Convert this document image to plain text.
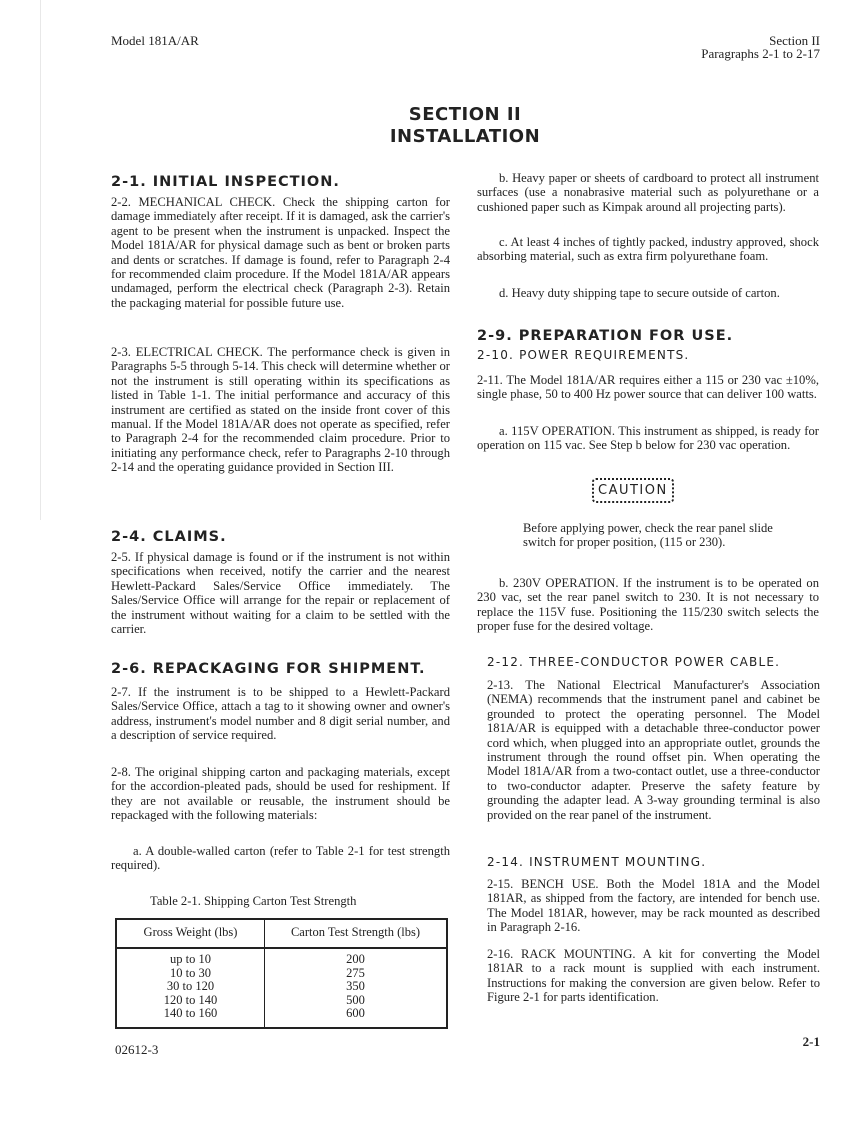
Model 181A/AR	Section II
Paragraphs 2-1 to 2-17
SECTION II
INSTALLATION
2-1. INITIAL INSPECTION.
2-2. MECHANICAL CHECK. Check the shipping carton for damage immediately after receipt. If it is damaged, ask the carrier's agent to be present when the instrument is unpacked. Inspect the Model 181A/AR for physical damage such as bent or broken parts and dents or scratches. If damage is found, refer to Paragraph 2-4 for recommended claim procedure. If the Model 181A/AR appears undamaged, perform the electrical check (Paragraph 2-3). Retain the packaging material for possible future use.
2-3. ELECTRICAL CHECK. The performance check is given in Paragraphs 5-5 through 5-14. This check will determine whether or not the instrument is still operating within its specifications as listed in Table 1-1. The initial performance and accuracy of this instrument are certified as stated on the inside front cover of this manual. If the Model 181A/AR does not operate as specified, refer to Paragraph 2-4 for the recommended claim procedure. Prior to initiating any performance check, refer to Paragraphs 2-10 through 2-14 and the operating guidance provided in Section III.
2-4. CLAIMS.
2-5. If physical damage is found or if the instrument is not within specifications when received, notify the carrier and the nearest Hewlett-Packard Sales/Service Office immediately. The Sales/Service Office will arrange for the repair or replacement of the instrument without waiting for a claim to be settled with the carrier.
2-6. REPACKAGING FOR SHIPMENT.
2-7. If the instrument is to be shipped to a Hewlett-Packard Sales/Service Office, attach a tag to it showing owner and owner's address, instrument's model number and 8 digit serial number, and a description of service required.
2-8. The original shipping carton and packaging materials, except for the accordion-pleated pads, should be used for reshipment. If they are not available or reusable, the instrument should be repackaged with the following materials:
a. A double-walled carton (refer to Table 2-1 for test strength required).
Table 2-1. Shipping Carton Test Strength
Gross Weight (lbs)	Carton Test Strength (lbs)
up to 10	200
10 to 30	275
30 to 120	350
120 to 140	500
140 to 160	600
02612-3
b. Heavy paper or sheets of cardboard to protect all instrument surfaces (use a nonabrasive material such as polyurethane or a cushioned paper such as Kimpak around all projecting parts).
c. At least 4 inches of tightly packed, industry approved, shock absorbing material, such as extra firm polyurethane foam.
d. Heavy duty shipping tape to secure outside of carton.
2-9. PREPARATION FOR USE.
2-10. POWER REQUIREMENTS.
2-11. The Model 181A/AR requires either a 115 or 230 vac ±10%, single phase, 50 to 400 Hz power source that can deliver 100 watts.
a. 115V OPERATION. This instrument as shipped, is ready for operation on 115 vac. See Step b below for 230 vac operation.
CAUTION
Before applying power, check the rear panel slide switch for proper position, (115 or 230).
b. 230V OPERATION. If the instrument is to be operated on 230 vac, set the rear panel switch to 230. It is not necessary to replace the 115V fuse. Positioning the 115/230 switch selects the proper fuse for the desired voltage.
2-12. THREE-CONDUCTOR POWER CABLE.
2-13. The National Electrical Manufacturer's Association (NEMA) recommends that the instrument panel and cabinet be grounded to protect the operating personnel. The Model 181A/AR is equipped with a detachable three-conductor power cord which, when plugged into an appropriate outlet, grounds the instrument through the round offset pin. When operating the Model 181A/AR from a two-contact outlet, use a three-conductor to two-conductor adapter. Preserve the safety feature by grounding the adapter lead. A 3-way grounding terminal is also provided on the rear panel of the instrument.
2-14. INSTRUMENT MOUNTING.
2-15. BENCH USE. Both the Model 181A and the Model 181AR, as shipped from the factory, are intended for bench use. The Model 181AR, however, may be rack mounted as described in Paragraph 2-16.
2-16. RACK MOUNTING. A kit for converting the Model 181AR to a rack mount is supplied with each instrument. Instructions for making the conversion are given below. Refer to Figure 2-1 for parts identification.
2-1
